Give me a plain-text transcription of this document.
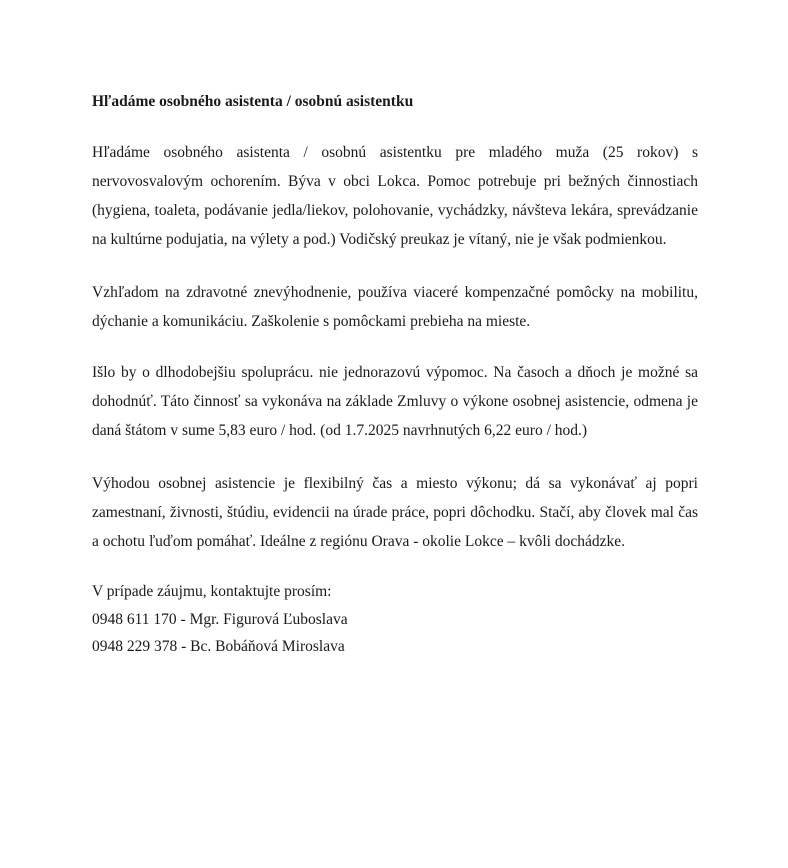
Hľadáme osobného asistenta / osobnú asistentku

Hľadáme osobného asistenta / osobnú asistentku pre mladého muža (25 rokov) s nervovosvalovým ochorením. Býva v obci Lokca. Pomoc potrebuje pri bežných činnostiach (hygiena, toaleta, podávanie jedla/liekov, polohovanie, vychádzky, návšteva lekára, sprevádzanie na kultúrne podujatia, na výlety a pod.) Vodičský preukaz je vítaný, nie je však podmienkou.

Vzhľadom na zdravotné znevýhodnenie, používa viaceré kompenzačné pomôcky na mobilitu, dýchanie a komunikáciu. Zaškolenie s pomôckami prebieha na mieste.

Išlo by o dlhodobejšiu spoluprácu. nie jednorazovú výpomoc. Na časoch a dňoch je možné sa dohodnúť. Táto činnosť sa vykonáva na základe Zmluvy o výkone osobnej asistencie, odmena je daná štátom v sume 5,83 euro / hod. (od 1.7.2025 navrhnutých 6,22 euro / hod.)

Výhodou osobnej asistencie je flexibilný čas a miesto výkonu; dá sa vykonávať aj popri zamestnaní, živnosti, štúdiu, evidencii na úrade práce, popri dôchodku. Stačí, aby človek mal čas a ochotu ľuďom pomáhať. Ideálne z regiónu Orava - okolie Lokce – kvôli dochádzke.

V prípade záujmu, kontaktujte prosím:

0948 611 170 - Mgr. Figurová Ľuboslava

0948 229 378 - Bc. Bobáňová Miroslava
